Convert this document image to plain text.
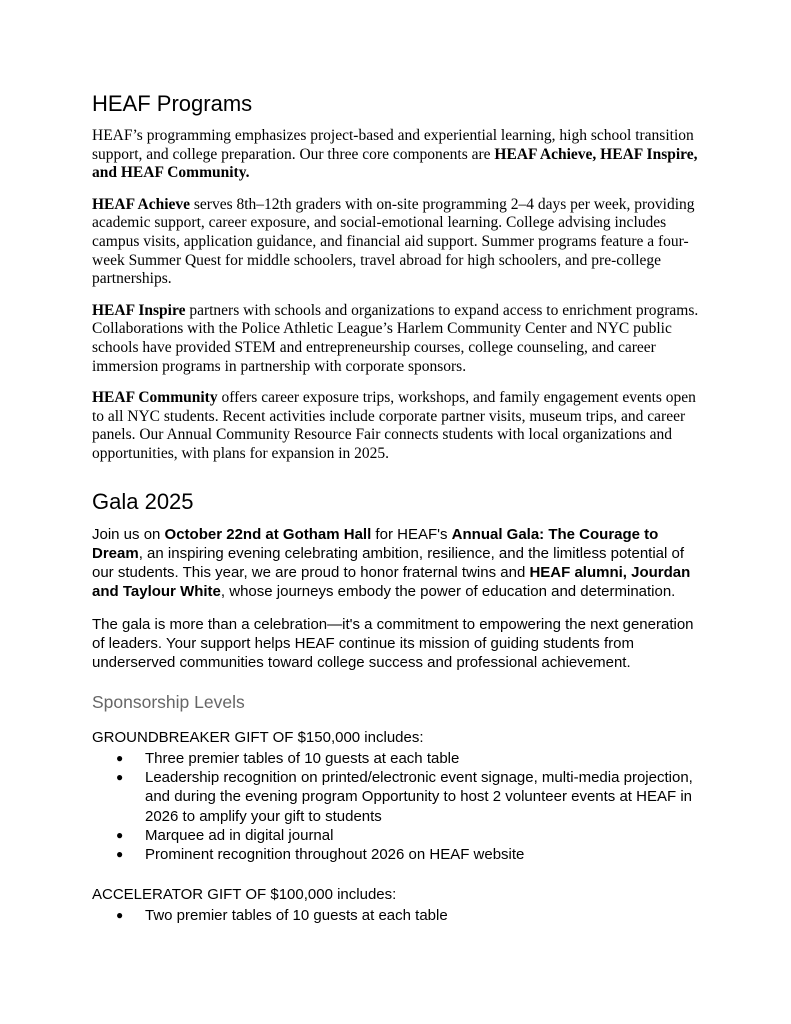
HEAF Programs

HEAF’s programming emphasizes project-based and experiential learning, high school transition support, and college preparation. Our three core components are HEAF Achieve, HEAF Inspire, and HEAF Community.

HEAF Achieve serves 8th–12th graders with on-site programming 2–4 days per week, providing academic support, career exposure, and social-emotional learning. College advising includes campus visits, application guidance, and financial aid support. Summer programs feature a four-week Summer Quest for middle schoolers, travel abroad for high schoolers, and pre-college partnerships.

HEAF Inspire partners with schools and organizations to expand access to enrichment programs. Collaborations with the Police Athletic League’s Harlem Community Center and NYC public schools have provided STEM and entrepreneurship courses, college counseling, and career immersion programs in partnership with corporate sponsors.

HEAF Community offers career exposure trips, workshops, and family engagement events open to all NYC students. Recent activities include corporate partner visits, museum trips, and career panels. Our Annual Community Resource Fair connects students with local organizations and opportunities, with plans for expansion in 2025.

Gala 2025

Join us on October 22nd at Gotham Hall for HEAF's Annual Gala: The Courage to Dream, an inspiring evening celebrating ambition, resilience, and the limitless potential of our students. This year, we are proud to honor fraternal twins and HEAF alumni, Jourdan and Taylour White, whose journeys embody the power of education and determination.

The gala is more than a celebration—it's a commitment to empowering the next generation of leaders. Your support helps HEAF continue its mission of guiding students from underserved communities toward college success and professional achievement.

Sponsorship Levels

GROUNDBREAKER GIFT OF $150,000 includes:

●	Three premier tables of 10 guests at each table
●	Leadership recognition on printed/electronic event signage, multi-media projection, and during the evening program Opportunity to host 2 volunteer events at HEAF in 2026 to amplify your gift to students
●	Marquee ad in digital journal
●	Prominent recognition throughout 2026 on HEAF website

ACCELERATOR GIFT OF $100,000 includes:

●	Two premier tables of 10 guests at each table
